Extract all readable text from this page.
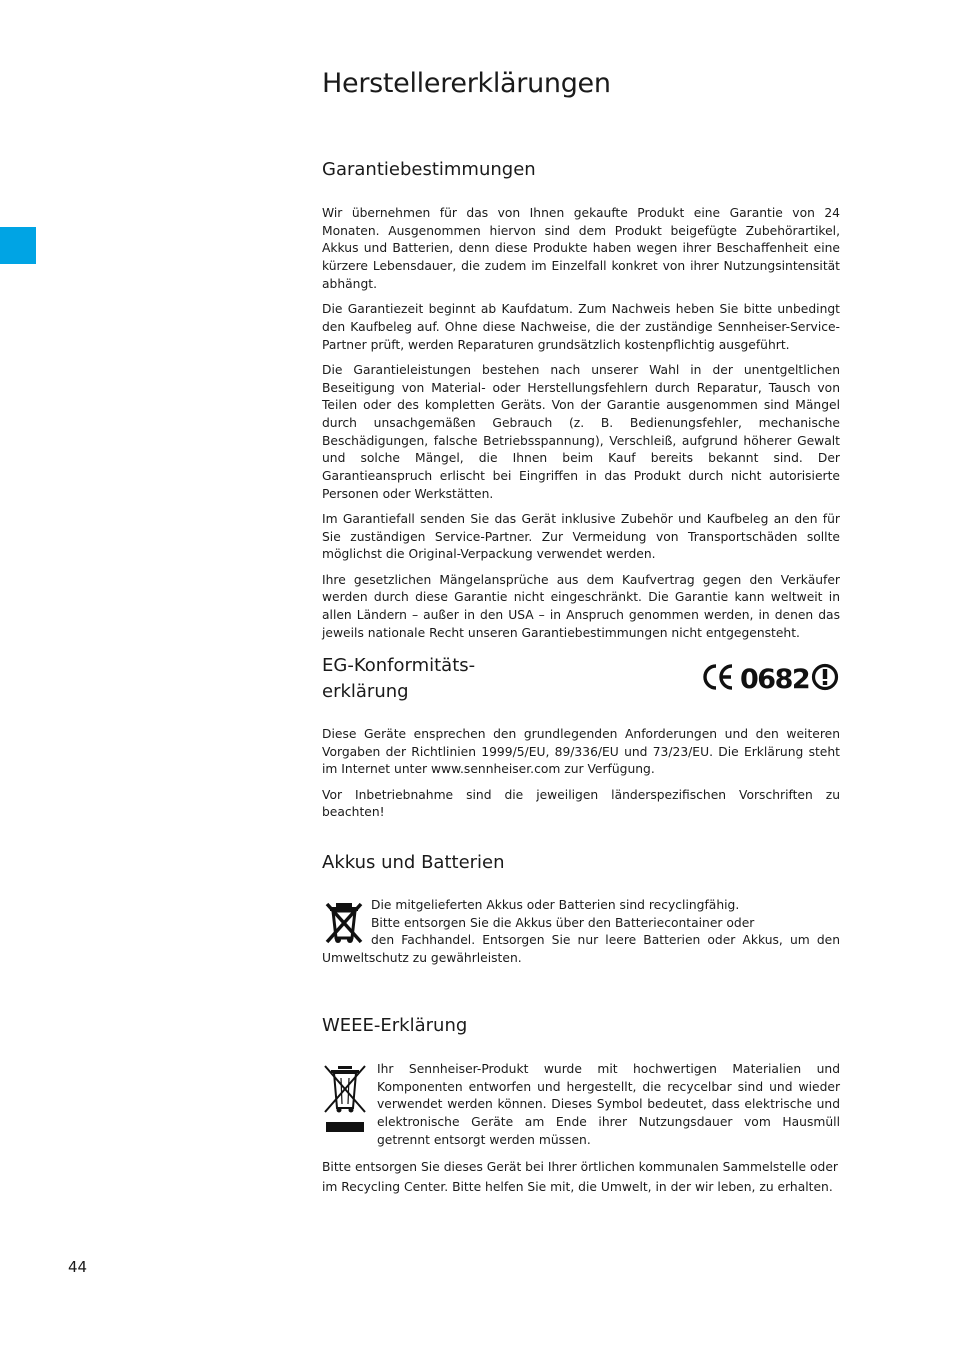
Herstellererklärungen
Garantiebestimmungen

Wir übernehmen für das von Ihnen gekaufte Produkt eine Garantie von 24 Monaten. Ausgenommen hiervon sind dem Produkt beigefügte Zubehörartikel, Akkus und Batterien, denn diese Produkte haben wegen ihrer Beschaffenheit eine kürzere Lebensdauer, die zudem im Einzelfall konkret von ihrer Nutzungsintensität abhängt.

Die Garantiezeit beginnt ab Kaufdatum. Zum Nachweis heben Sie bitte unbedingt den Kaufbeleg auf. Ohne diese Nachweise, die der zuständige Sennheiser-Service-Partner prüft, werden Reparaturen grundsätzlich kostenpflichtig ausgeführt.

Die Garantieleistungen bestehen nach unserer Wahl in der unentgeltlichen Beseitigung von Material- oder Herstellungsfehlern durch Reparatur, Tausch von Teilen oder des kompletten Geräts. Von der Garantie ausgenommen sind Mängel durch unsachgemäßen Gebrauch (z. B. Bedienungsfehler, mechanische Beschädigungen, falsche Betriebsspannung), Verschleiß, aufgrund höherer Gewalt und solche Mängel, die Ihnen beim Kauf bereits bekannt sind. Der Garantieanspruch erlischt bei Eingriffen in das Produkt durch nicht autorisierte Personen oder Werkstätten.

Im Garantiefall senden Sie das Gerät inklusive Zubehör und Kaufbeleg an den für Sie zuständigen Service-Partner. Zur Vermeidung von Transportschäden sollte möglichst die Original-Verpackung verwendet werden.

Ihre gesetzlichen Mängelansprüche aus dem Kaufvertrag gegen den Verkäufer werden durch diese Garantie nicht eingeschränkt. Die Garantie kann weltweit in allen Ländern – außer in den USA – in Anspruch genommen werden, in denen das jeweils nationale Recht unseren Garantiebestimmungen nicht entgegensteht.

EG-Konformitäts-
erklärung	0682

Diese Geräte ensprechen den grundlegenden Anforderungen und den weiteren Vorgaben der Richtlinien 1999/5/EU, 89/336/EU und 73/23/EU. Die Erklärung steht im Internet unter www.sennheiser.com zur Verfügung.

Vor Inbetriebnahme sind die jeweiligen länderspezifischen Vorschriften zu beachten!

Akkus und Batterien

Die mitgelieferten Akkus oder Batterien sind recyclingfähig.

Bitte entsorgen Sie die Akkus über den Batteriecontainer oder

den Fachhandel. Entsorgen Sie nur leere Batterien oder Akkus, um den Umweltschutz zu gewährleisten.

WEEE-Erklärung

Ihr Sennheiser-Produkt wurde mit hochwertigen Materialien und Komponenten entworfen und hergestellt, die recycelbar sind und wieder verwendet werden können. Dieses Symbol bedeutet, dass elektrische und elektronische Geräte am Ende ihrer Nutzungsdauer vom Hausmüll getrennt entsorgt werden müssen.

Bitte entsorgen Sie dieses Gerät bei Ihrer örtlichen kommunalen Sammelstelle oder im Recycling Center. Bitte helfen Sie mit, die Umwelt, in der wir leben, zu erhalten.

44
